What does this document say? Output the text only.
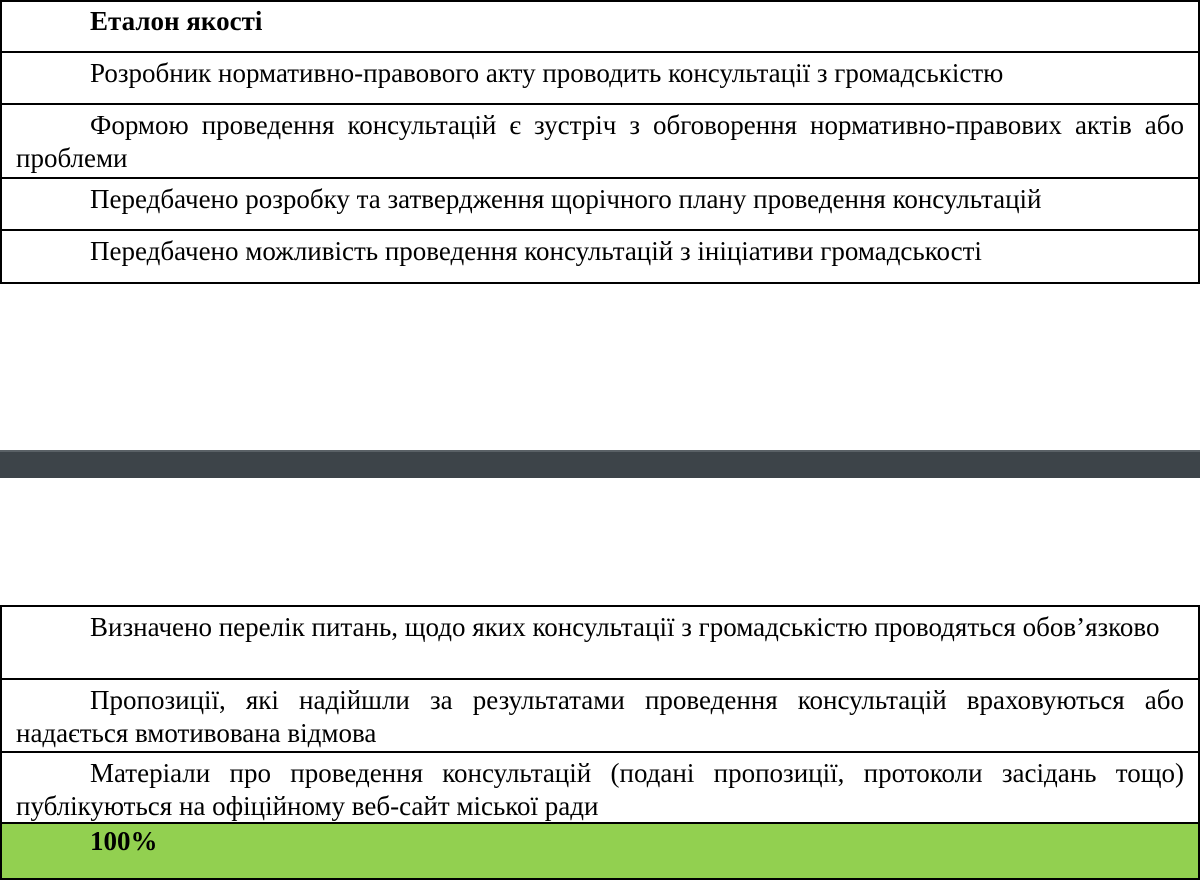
Еталон якості
Розробник нормативно-правового акту проводить консультації з громадськістю
Формою проведення консультацій є зустріч з обговорення нормативно-правових актів або проблеми
Передбачено розробку та затвердження щорічного плану проведення консультацій
Передбачено можливість проведення консультацій з ініціативи громадськості
Визначено перелік питань, щодо яких консультації з громадськістю проводяться обов’язково
Пропозиції, які надійшли за результатами проведення консультацій враховуються або надається вмотивована відмова
Матеріали про проведення консультацій (подані пропозиції, протоколи засідань тощо) публікуються на офіційному веб-сайт міської ради
100%
